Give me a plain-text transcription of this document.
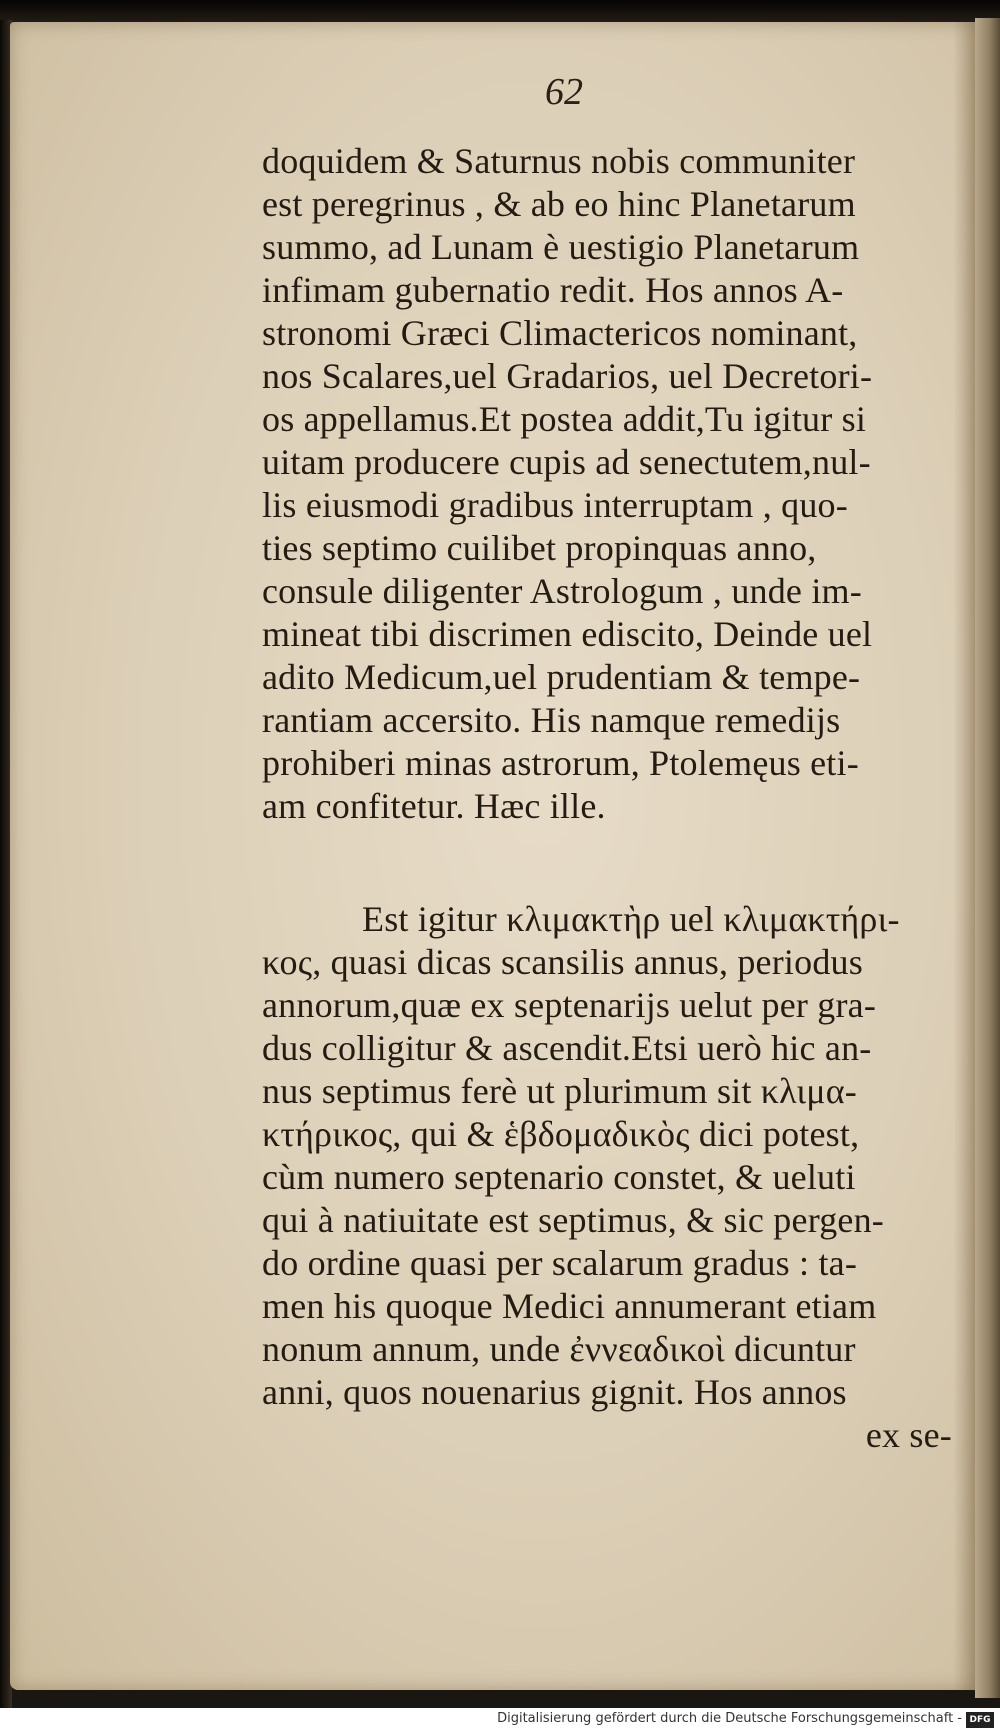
62

doquidem & Saturnus nobis communiter

est peregrinus , & ab eo hinc Planetarum

summo, ad Lunam è uestigio Planetarum

infimam gubernatio redit. Hos annos A-

stronomi Græci Climactericos nominant,

nos Scalares,uel Gradarios, uel Decretori-

os appellamus.Et postea addit,Tu igitur si

uitam producere cupis ad senectutem,nul-

lis eiusmodi gradibus interruptam , quo-

ties septimo cuilibet propinquas anno,

consule diligenter Astrologum , unde im-

mineat tibi discrimen ediscito, Deinde uel

adito Medicum,uel prudentiam & tempe-

rantiam accersito. His namque remedijs

prohiberi minas astrorum, Ptolemęus eti-

am confitetur. Hæc ille.

Est igitur κλιμακτὴρ uel κλιμακτήρι-

κος, quasi dicas scansilis annus, periodus

annorum,quæ ex septenarijs uelut per gra-

dus colligitur & ascendit.Etsi uerò hic an-

nus septimus ferè ut plurimum sit κλιμα-

κτήρικος, qui & ἑβδομαδικὸς dici potest,

cùm numero septenario constet, & ueluti

qui à natiuitate est septimus, & sic pergen-

do ordine quasi per scalarum gradus : ta-

men his quoque Medici annumerant etiam

nonum annum, unde ἐννεαδικοὶ dicuntur

anni, quos nouenarius gignit. Hos annos

ex se-

Digitalisierung gefördert durch die Deutsche Forschungsgemeinschaft - DFG
